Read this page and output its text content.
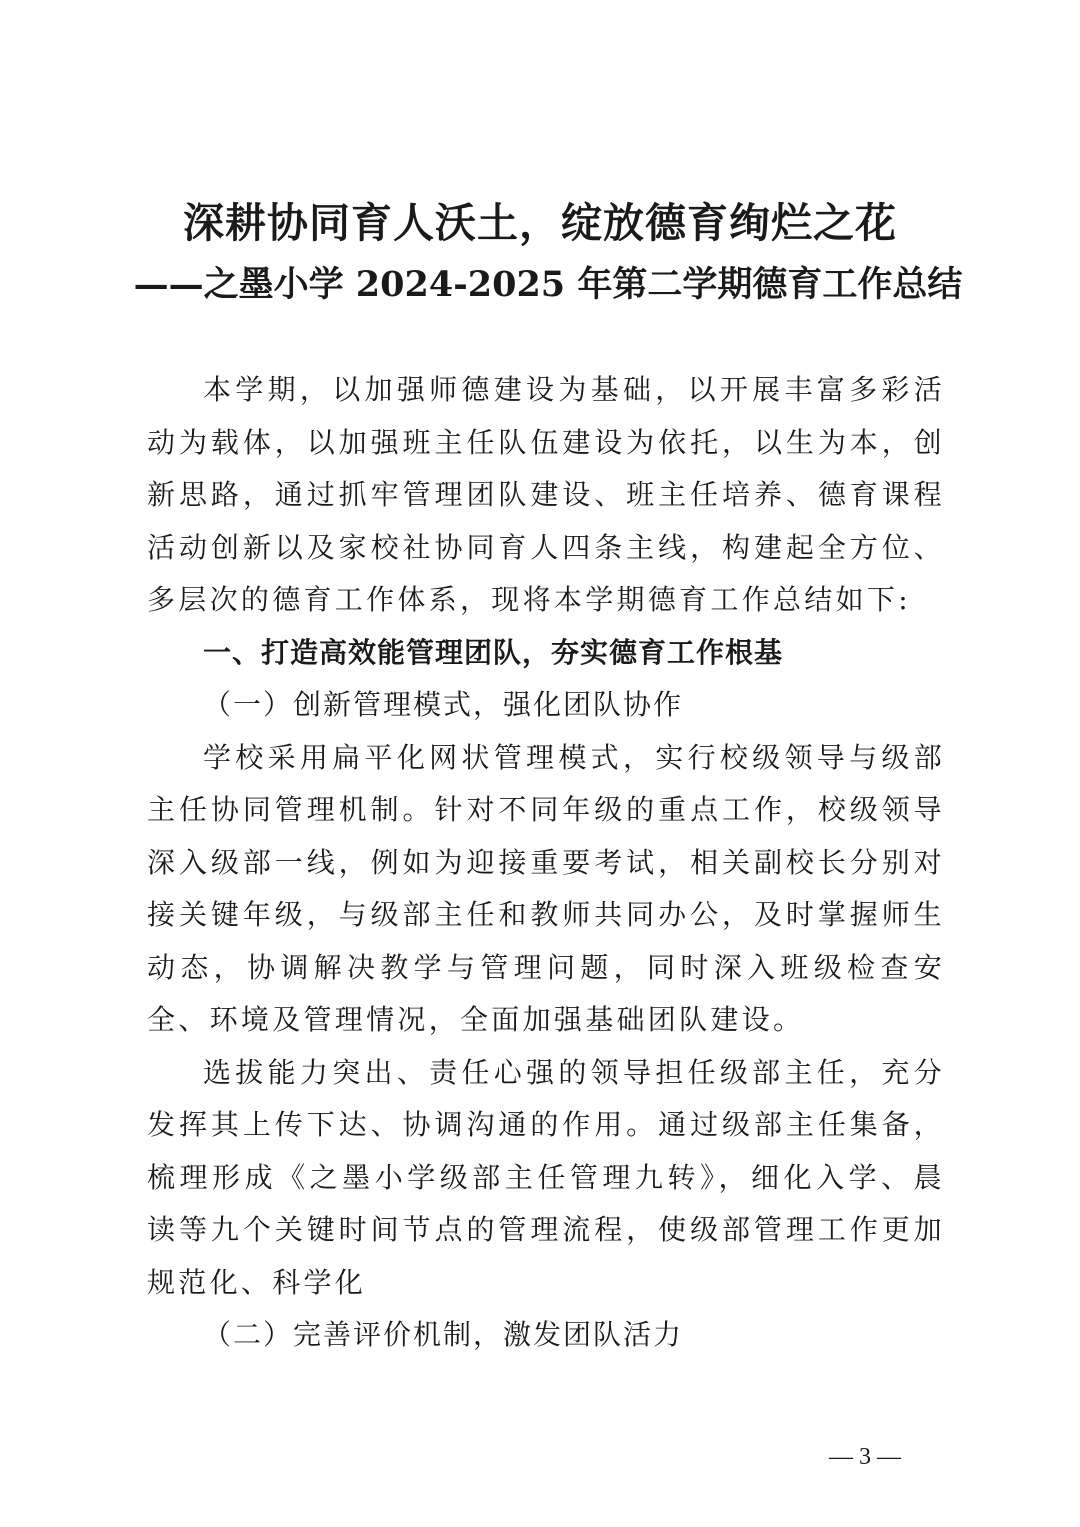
深耕协同育人沃土，绽放德育绚烂之花
——之墨小学 2024-2025 年第二学期德育工作总结

本学期，以加强师德建设为基础，以开展丰富多彩活动为载体，以加强班主任队伍建设为依托，以生为本，创新思路，通过抓牢管理团队建设、班主任培养、德育课程活动创新以及家校社协同育人四条主线，构建起全方位、多层次的德育工作体系，现将本学期德育工作总结如下:

一、打造高效能管理团队，夯实德育工作根基

（一）创新管理模式，强化团队协作

学校采用扁平化网状管理模式，实行校级领导与级部主任协同管理机制。针对不同年级的重点工作，校级领导深入级部一线，例如为迎接重要考试，相关副校长分别对接关键年级，与级部主任和教师共同办公，及时掌握师生动态，协调解决教学与管理问题，同时深入班级检查安全、环境及管理情况，全面加强基础团队建设。

选拔能力突出、责任心强的领导担任级部主任，充分发挥其上传下达、协调沟通的作用。通过级部主任集备，梳理形成《之墨小学级部主任管理九转》，细化入学、晨读等九个关键时间节点的管理流程，使级部管理工作更加规范化、科学化

（二）完善评价机制，激发团队活力

— 3 —
